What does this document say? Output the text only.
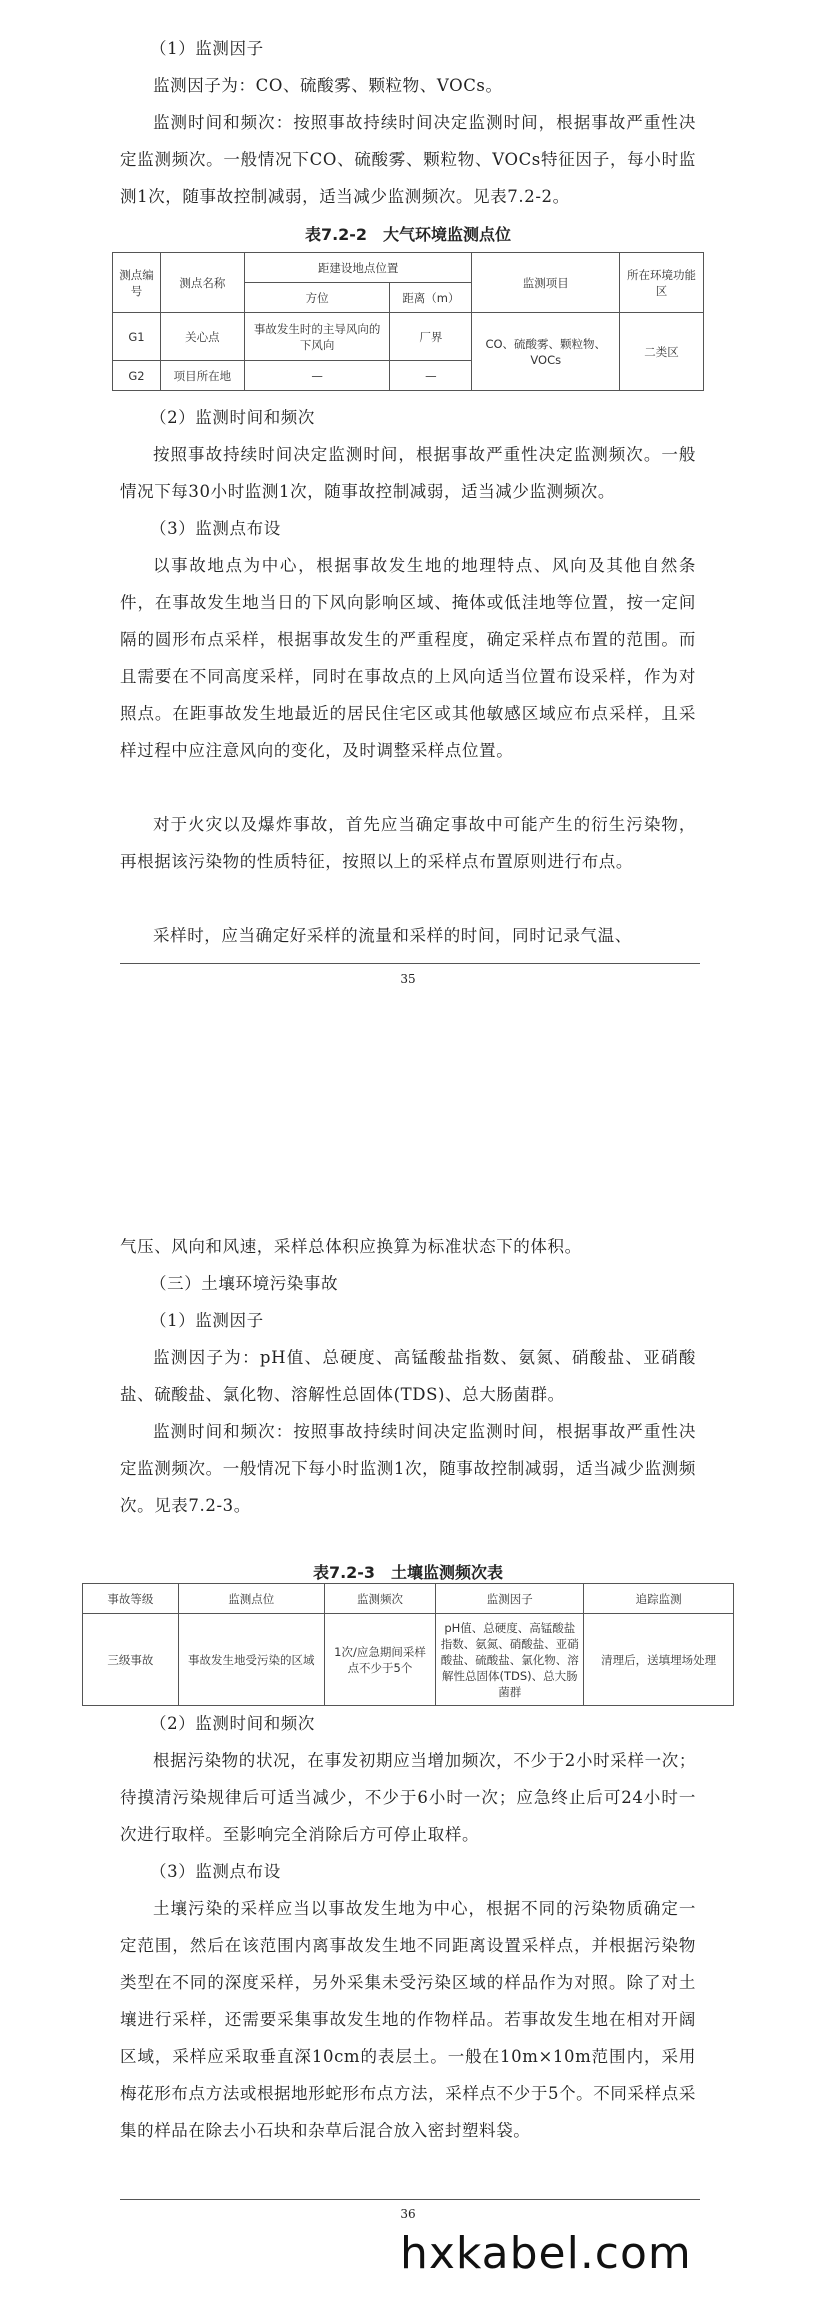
（1）监测因子

监测因子为：CO、硫酸雾、颗粒物、VOCs。

监测时间和频次：按照事故持续时间决定监测时间，根据事故严重性决定监测频次。一般情况下CO、硫酸雾、颗粒物、VOCs特征因子，每小时监测1次，随事故控制减弱，适当减少监测频次。见表7.2-2。

表7.2-2　大气环境监测点位

测点编号	测点名称	距建设地点位置		监测项目	所在环境功能区
		方位	距离（m）		
G1	关心点	事故发生时的主导风向的下风向	厂界	CO、硫酸雾、颗粒物、VOCs	二类区
G2	项目所在地	—	—		

（2）监测时间和频次

按照事故持续时间决定监测时间，根据事故严重性决定监测频次。一般情况下每30小时监测1次，随事故控制减弱，适当减少监测频次。

（3）监测点布设

以事故地点为中心，根据事故发生地的地理特点、风向及其他自然条件，在事故发生地当日的下风向影响区域、掩体或低洼地等位置，按一定间隔的圆形布点采样，根据事故发生的严重程度，确定采样点布置的范围。而且需要在不同高度采样，同时在事故点的上风向适当位置布设采样，作为对照点。在距事故发生地最近的居民住宅区或其他敏感区域应布点采样，且采样过程中应注意风向的变化，及时调整采样点位置。

对于火灾以及爆炸事故，首先应当确定事故中可能产生的衍生污染物，再根据该污染物的性质特征，按照以上的采样点布置原则进行布点。

采样时，应当确定好采样的流量和采样的时间，同时记录气温、

35

气压、风向和风速，采样总体积应换算为标准状态下的体积。

（三）土壤环境污染事故

（1）监测因子

监测因子为：pH值、总硬度、高锰酸盐指数、氨氮、硝酸盐、亚硝酸盐、硫酸盐、氯化物、溶解性总固体(TDS)、总大肠菌群。

监测时间和频次：按照事故持续时间决定监测时间，根据事故严重性决定监测频次。一般情况下每小时监测1次，随事故控制减弱，适当减少监测频次。见表7.2-3。

表7.2-3　土壤监测频次表

事故等级	监测点位	监测频次	监测因子	追踪监测
三级事故	事故发生地受污染的区域	1次/应急期间采样点不少于5个	pH值、总硬度、高锰酸盐指数、氨氮、硝酸盐、亚硝酸盐、硫酸盐、氯化物、溶解性总固体(TDS)、总大肠菌群	清理后，送填埋场处理

（2）监测时间和频次

根据污染物的状况，在事发初期应当增加频次，不少于2小时采样一次；待摸清污染规律后可适当减少，不少于6小时一次；应急终止后可24小时一次进行取样。至影响完全消除后方可停止取样。

（3）监测点布设

土壤污染的采样应当以事故发生地为中心，根据不同的污染物质确定一定范围，然后在该范围内离事故发生地不同距离设置采样点，并根据污染物类型在不同的深度采样，另外采集未受污染区域的样品作为对照。除了对土壤进行采样，还需要采集事故发生地的作物样品。若事故发生地在相对开阔区域，采样应采取垂直深10cm的表层土。一般在10m×10m范围内，采用梅花形布点方法或根据地形蛇形布点方法，采样点不少于5个。不同采样点采集的样品在除去小石块和杂草后混合放入密封塑料袋。

36

hxkabel.com
